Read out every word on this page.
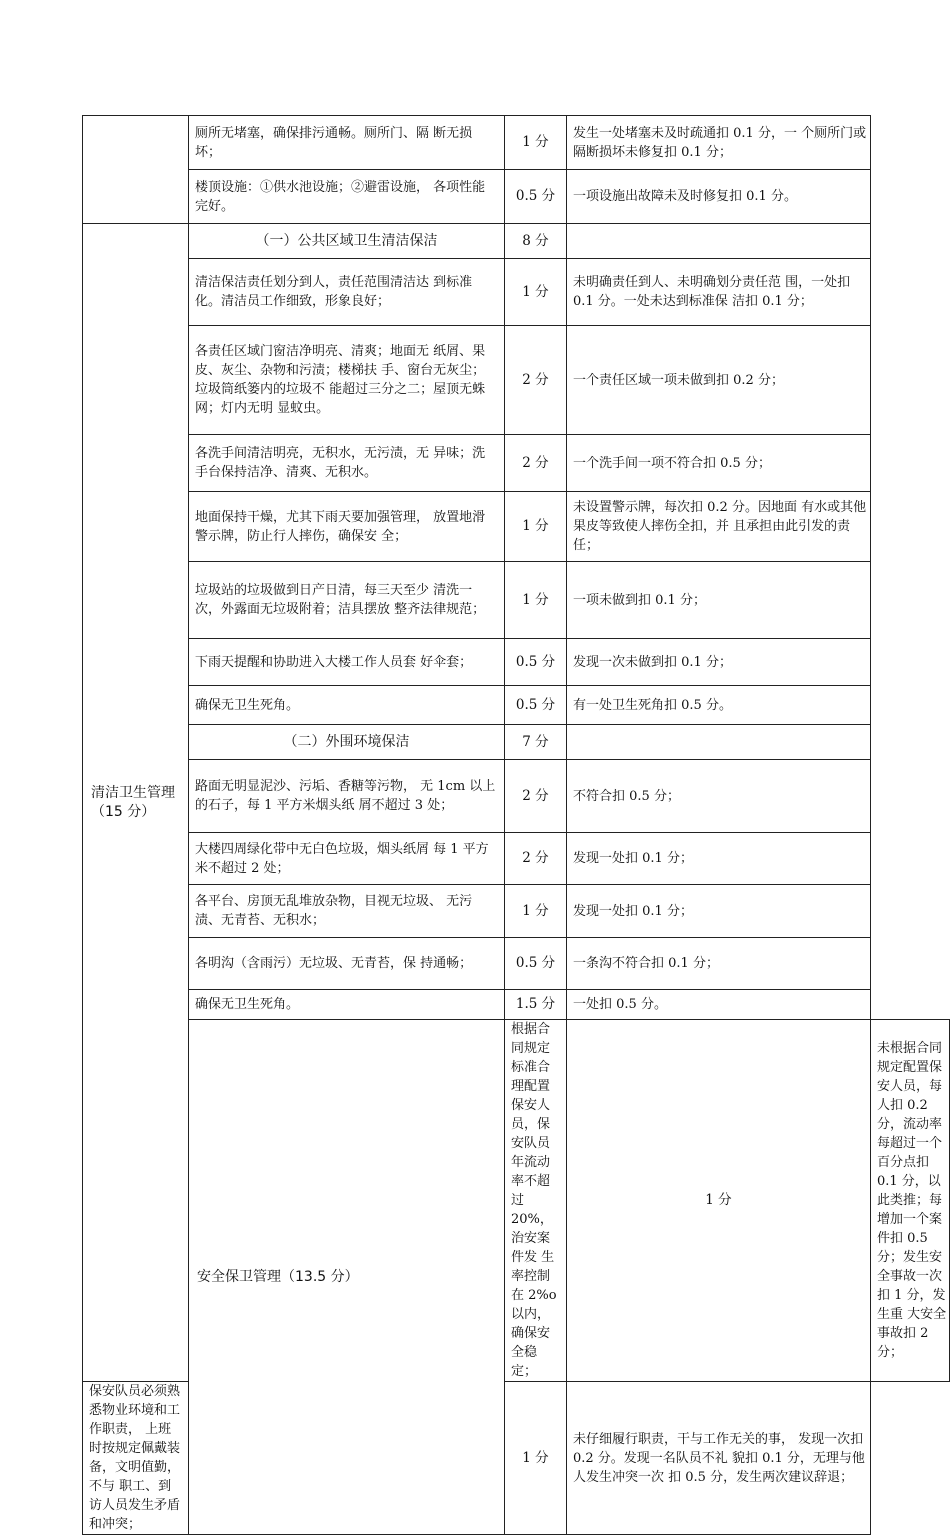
	厕所无堵塞，确保排污通畅。厕所门、隔 断无损坏；	1 分	发生一处堵塞未及时疏通扣 0.1 分，一 个厕所门或隔断损坏未修复扣 0.1 分；	
	楼顶设施：①供水池设施；②避雷设施， 各项性能完好。	0.5 分	一项设施出故障未及时修复扣 0.1 分。	
清洁卫生管理（15 分）	（一）公共区域卫生清洁保洁	8 分		
	清洁保洁责任划分到人，责任范围清洁达 到标准化。清洁员工作细致，形象良好；	1 分	未明确责任到人、未明确划分责任范 围，一处扣 0.1 分。一处未达到标准保 洁扣 0.1 分；	
	各责任区域门窗洁净明亮、清爽；地面无 纸屑、果皮、灰尘、杂物和污渍；楼梯扶 手、窗台无灰尘；垃圾筒纸篓内的垃圾不 能超过三分之二；屋顶无蛛网；灯内无明 显蚊虫。	2 分	一个责任区域一项未做到扣 0.2 分；	
	各洗手间清洁明亮，无积水，无污渍，无 异味；洗手台保持洁净、清爽、无积水。	2 分	一个洗手间一项不符合扣 0.5 分；	
	地面保持干燥，尤其下雨天要加强管理， 放置地滑警示牌，防止行人摔伤，确保安 全；	1 分	未设置警示牌，每次扣 0.2 分。因地面 有水或其他果皮等致使人摔伤全扣，并 且承担由此引发的责任；	
	垃圾站的垃圾做到日产日清，每三天至少 清洗一次，外露面无垃圾附着；洁具摆放 整齐法律规范；	1 分	一项未做到扣 0.1 分；	
	下雨天提醒和协助进入大楼工作人员套 好伞套；	0.5 分	发现一次未做到扣 0.1 分；	
	确保无卫生死角。	0.5 分	有一处卫生死角扣 0.5 分。	
	（二）外围环境保洁	7 分		
	路面无明显泥沙、污垢、香糖等污物， 无 1cm 以上的石子，每 1 平方米烟头纸 屑不超过 3 处；	2 分	不符合扣 0.5 分；	
	大楼四周绿化带中无白色垃圾，烟头纸屑 每 1 平方米不超过 2 处；	2 分	发现一处扣 0.1 分；	
	各平台、房顶无乱堆放杂物，目视无垃圾、 无污渍、无青苔、无积水；	1 分	发现一处扣 0.1 分；	
	各明沟（含雨污）无垃圾、无青苔，保 持通畅；	0.5 分	一条沟不符合扣 0.1 分；	
	确保无卫生死角。	1.5 分	一处扣 0.5 分。	
	安全保卫管理（13.5 分）	根据合同规定标准合理配置保安人员，保 安队员年流动率不超过 20%，治安案件发 生率控制在 2%o 以内，确保安全稳定；	1 分	未根据合同规定配置保安人员，每人扣 0.2 分，流动率每超过一个百分点扣 0.1 分，以此类推；每增加一个案件扣 0.5 分；发生安全事故一次扣 1 分，发生重 大安全事故扣 2 分；
保安队员必须熟悉物业环境和工作职责， 上班时按规定佩戴装备，文明值勤，不与 职工、到访人员发生矛盾和冲突；		1 分	未仔细履行职责，干与工作无关的事， 发现一次扣 0.2 分。发现一名队员不礼 貌扣 0.1 分，无理与他人发生冲突一次 扣 0.5 分，发生两次建议辞退；	
